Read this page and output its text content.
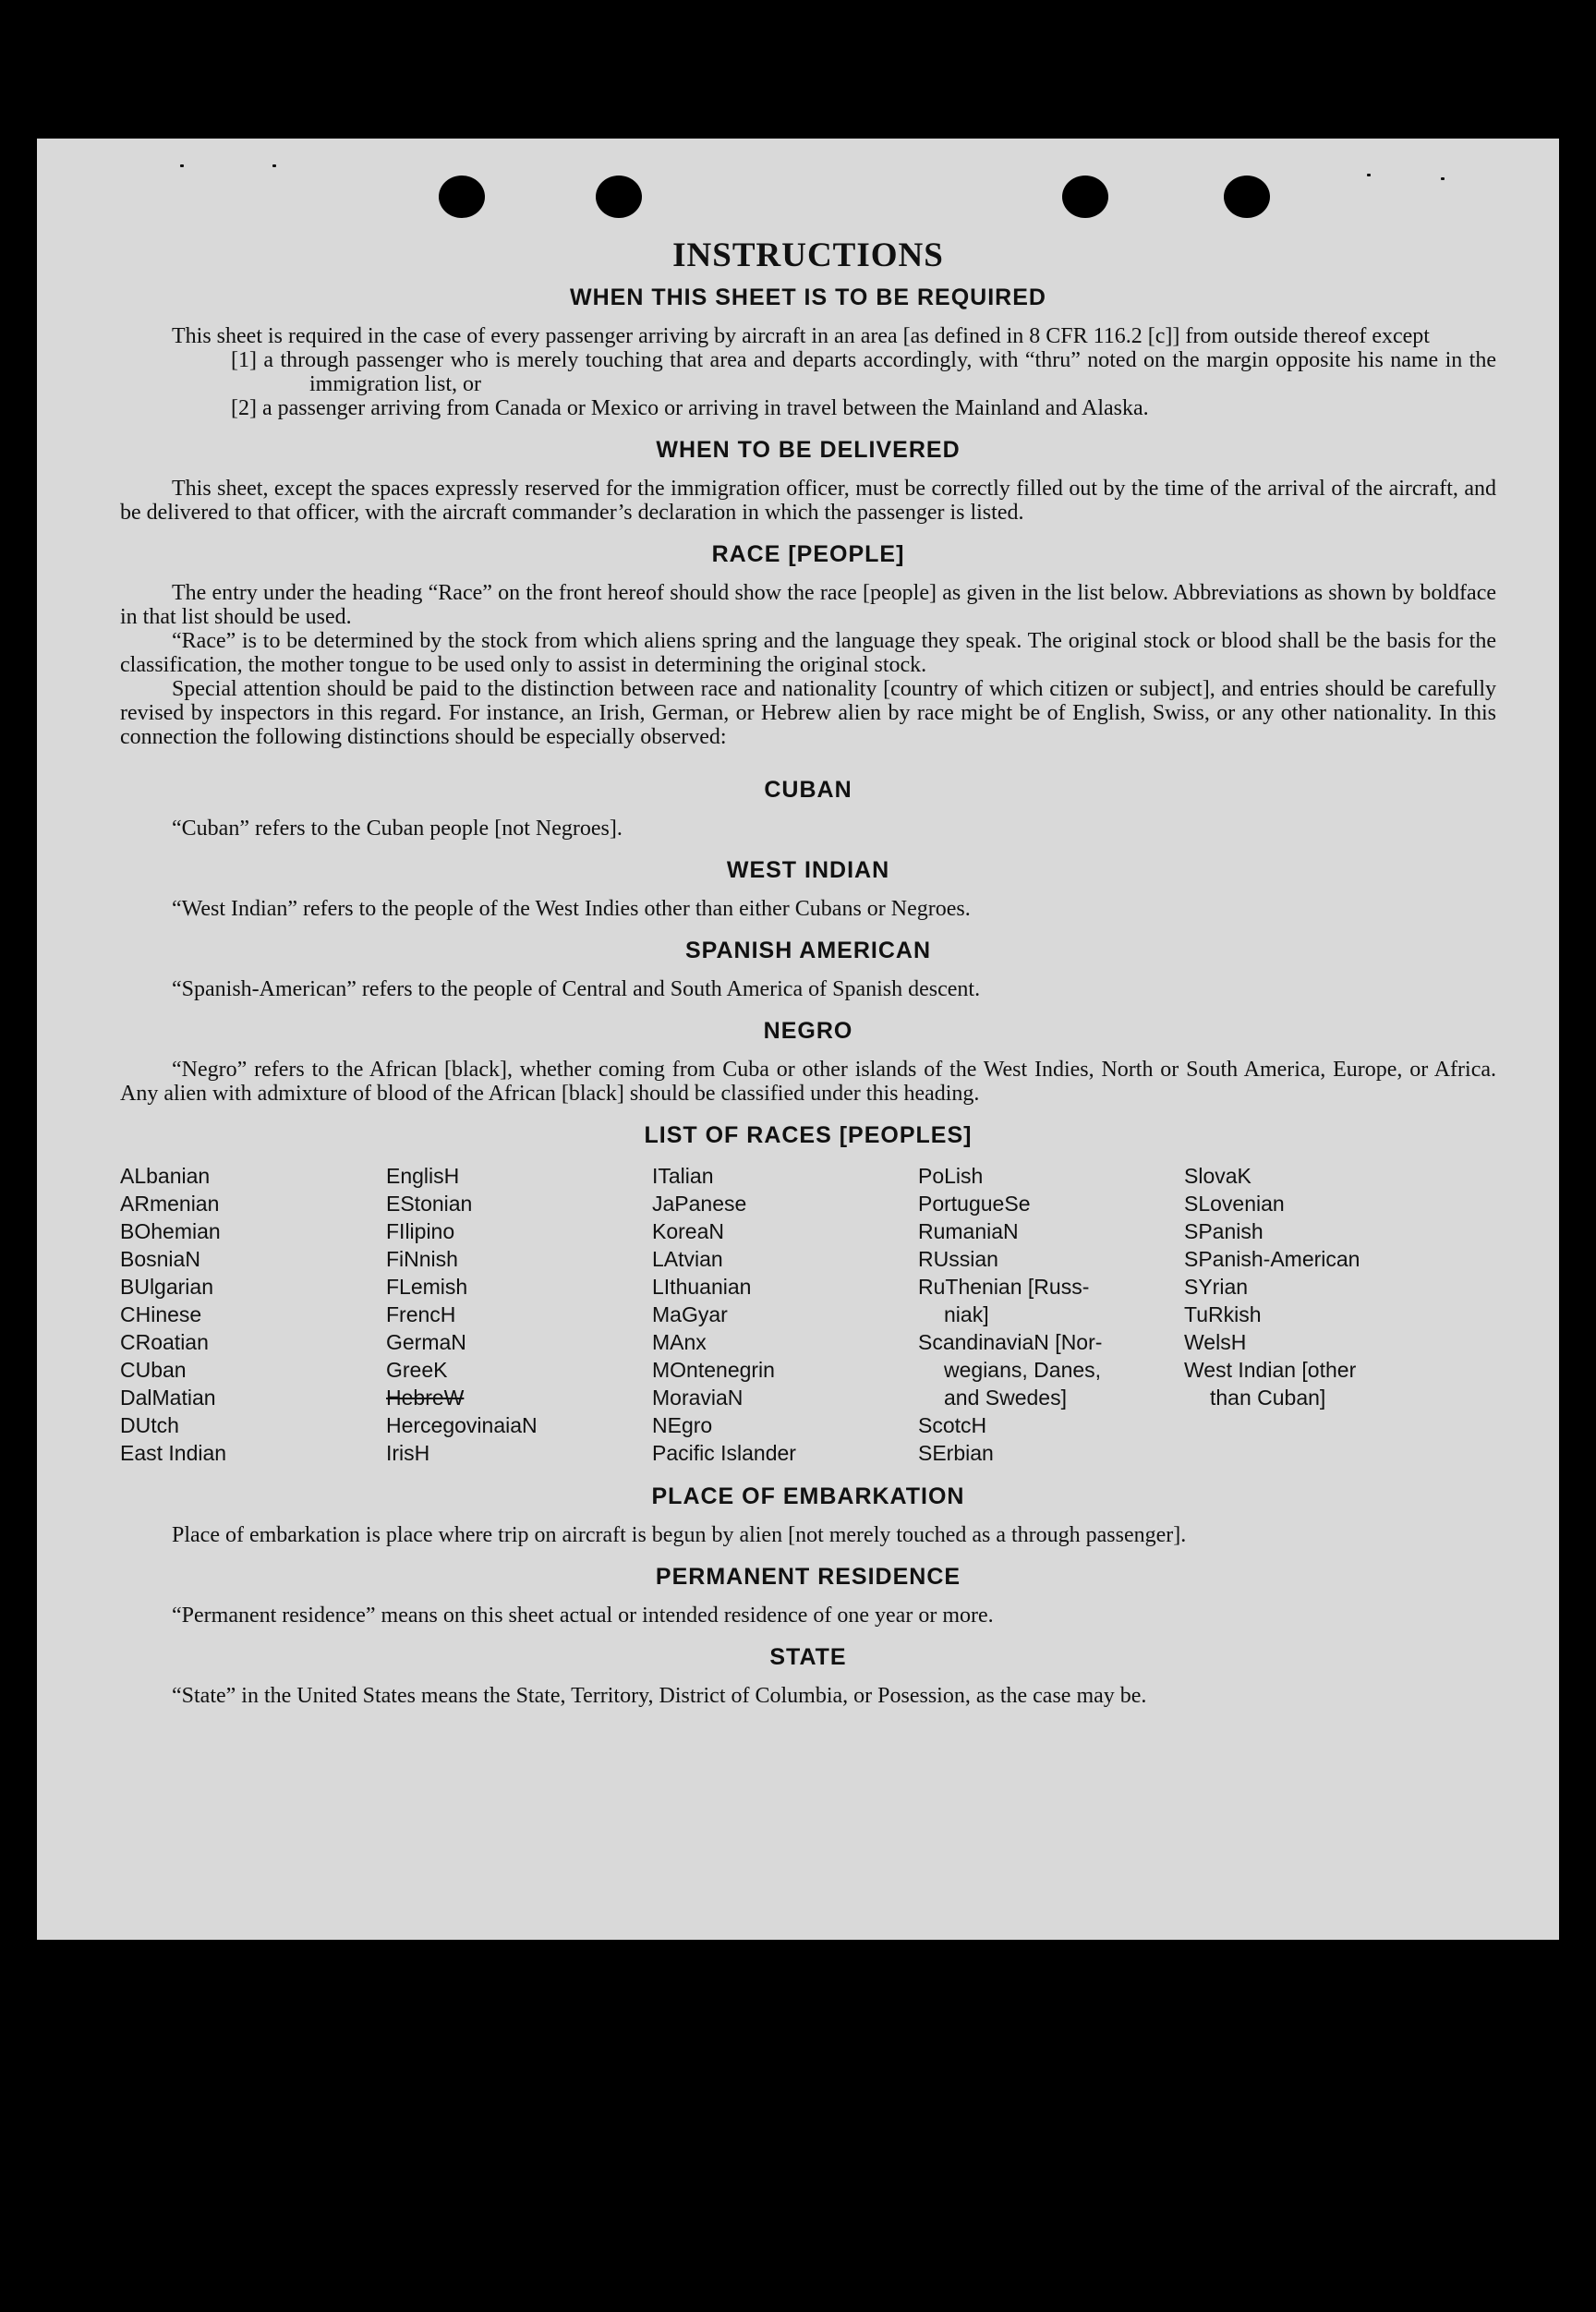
INSTRUCTIONS
WHEN THIS SHEET IS TO BE REQUIRED

This sheet is required in the case of every passenger arriving by aircraft in an area [as defined in 8 CFR 116.2 [c]] from outside thereof except

[1] a through passenger who is merely touching that area and departs accordingly, with “thru” noted on the margin opposite his name in the immigration list, or
[2] a passenger arriving from Canada or Mexico or arriving in travel between the Mainland and Alaska.
WHEN TO BE DELIVERED

This sheet, except the spaces expressly reserved for the immigration officer, must be correctly filled out by the time of the arrival of the aircraft, and be delivered to that officer, with the aircraft commander’s declaration in which the passenger is listed.

RACE [PEOPLE]

The entry under the heading “Race” on the front hereof should show the race [people] as given in the list below. Abbreviations as shown by boldface in that list should be used.

“Race” is to be determined by the stock from which aliens spring and the language they speak. The original stock or blood shall be the basis for the classification, the mother tongue to be used only to assist in determining the original stock.

Special attention should be paid to the distinction between race and nationality [country of which citizen or subject], and entries should be carefully revised by inspectors in this regard. For instance, an Irish, German, or Hebrew alien by race might be of English, Swiss, or any other nationality. In this connection the following distinctions should be especially observed:

CUBAN

“Cuban” refers to the Cuban people [not Negroes].

WEST INDIAN

“West Indian” refers to the people of the West Indies other than either Cubans or Negroes.

SPANISH AMERICAN

“Spanish-American” refers to the people of Central and South America of Spanish descent.

NEGRO

“Negro” refers to the African [black], whether coming from Cuba or other islands of the West Indies, North or South America, Europe, or Africa. Any alien with admixture of blood of the African [black] should be classified under this heading.

LIST OF RACES [PEOPLES]
ALbanian
ARmenian
BOhemian
BosniaN
BUlgarian
CHinese
CRoatian
CUban
DalMatian
DUtch
East Indian
EnglisH
EStonian
FIlipino
FiNnish
FLemish
FrencH
GermaN
GreeK
HebreW
HercegovinaiaN
IrisH
ITalian
JaPanese
KoreaN
LAtvian
LIthuanian
MaGyar
MAnx
MOntenegrin
MoraviaN
NEgro
Pacific Islander
PoLish
PortugueSe
RumaniaN
RUssian
RuThenian [Russ-
niak]
ScandinaviaN [Nor-
wegians, Danes,
and Swedes]
ScotcH
SErbian
SlovaK
SLovenian
SPanish
SPanish-American
SYrian
TuRkish
WelsH
West Indian [other
than Cuban]
PLACE OF EMBARKATION

Place of embarkation is place where trip on aircraft is begun by alien [not merely touched as a through passenger].

PERMANENT RESIDENCE

“Permanent residence” means on this sheet actual or intended residence of one year or more.

STATE

“State” in the United States means the State, Territory, District of Columbia, or Posession, as the case may be.
